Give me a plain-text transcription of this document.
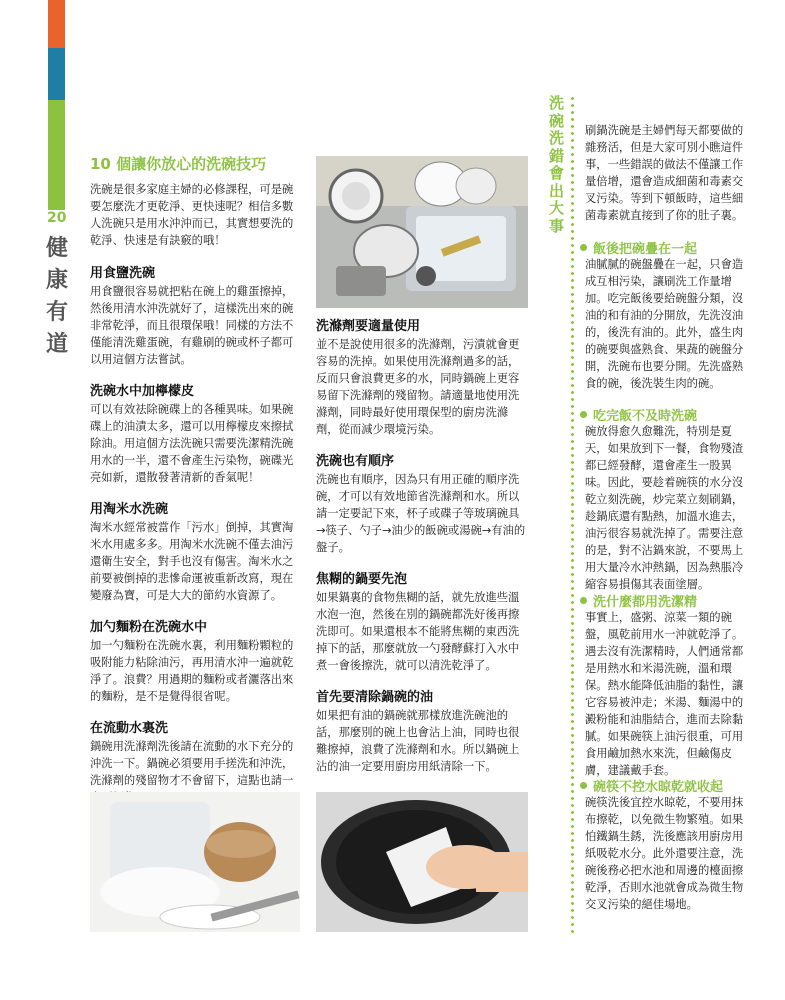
20
健康有道
10 個讓你放心的洗碗技巧

洗碗是很多家庭主婦的必修課程，可是碗要怎麼洗才更乾淨、更快速呢？相信多數人洗碗只是用水沖沖而已，其實想要洗的乾淨、快速是有訣竅的哦！

用食鹽洗碗

用食鹽很容易就把粘在碗上的雞蛋擦掉，然後用清水沖洗就好了，這樣洗出來的碗非常乾淨，而且很環保哦！同樣的方法不僅能清洗雞蛋碗，有雞刷的碗或杯子都可以用這個方法嘗試。

洗碗水中加檸檬皮

可以有效祛除碗碟上的各種異味。如果碗碟上的油漬太多，還可以用檸檬皮來擦拭除油。用這個方法洗碗只需要洗潔精洗碗用水的一半，還不會產生污染物，碗碟光亮如新，還散發著清新的香氣呢！

用淘米水洗碗

淘米水經常被當作「污水」倒掉，其實淘米水用處多多。用淘米水洗碗不僅去油污還衛生安全，對手也沒有傷害。淘米水之前要被倒掉的悲慘命運被重新改寫，現在變廢為寶，可是大大的節約水資源了。

加勺麵粉在洗碗水中

加一勺麵粉在洗碗水裏，利用麵粉顆粒的吸附能力粘除油污，再用清水沖一遍就乾淨了。浪費？用過期的麵粉或者灑落出來的麵粉，是不是覺得很省呢。

在流動水裏洗

鍋碗用洗滌劑洗後請在流動的水下充分的沖洗一下。鍋碗必須要用手搓洗和沖洗，洗滌劑的殘留物才不會留下，這點也請一

洗滌劑要適量使用

並不是說使用很多的洗滌劑，污漬就會更容易的洗掉。如果使用洗滌劑過多的話，反而只會浪費更多的水，同時鍋碗上更容易留下洗滌劑的殘留物。請適量地使用洗滌劑，同時最好使用環保型的廚房洗滌劑，從而減少環境污染。

洗碗也有順序

洗碗也有順序，因為只有用正確的順序洗碗，才可以有效地節省洗滌劑和水。所以請一定要記下來，杯子或碟子等玻璃碗具→筷子、勺子→油少的飯碗或湯碗→有油的盤子。

焦糊的鍋要先泡

如果鍋裏的食物焦糊的話，就先放進些溫水泡一泡，然後在別的鍋碗都洗好後再擦洗即可。如果還根本不能將焦糊的東西洗掉下的話，那麼就放一勺發酵蘇打入水中煮一會後擦洗，就可以清洗乾淨了。

首先要清除鍋碗的油

如果把有油的鍋碗就那樣放進洗碗池的話，那麼別的碗上也會沾上油，同時也很難擦掉，浪費了洗滌劑和水。所以鍋碗上沾的油一定要用廚房用紙清除一下。

洗碗洗錯會出大事

刷鍋洗碗是主婦們每天都要做的雜務活，但是大家可別小瞧這件事，一些錯誤的做法不僅讓工作量倍增，還會造成細菌和毒素交叉污染。等到下頓飯時，這些細菌毒素就直接到了你的肚子裏。

飯後把碗疊在一起

油膩膩的碗盤疊在一起，只會造成互相污染，讓刷洗工作量增加。吃完飯後要給碗盤分類，沒油的和有油的分開放，先洗沒油的，後洗有油的。此外，盛生肉的碗要與盛熟食、果蔬的碗盤分開，洗碗布也要分開。先洗盛熟食的碗，後洗裝生肉的碗。

吃完飯不及時洗碗

碗放得愈久愈難洗，特別是夏天，如果放到下一餐，食物殘渣都已經發酵，還會產生一股異味。因此，要趁着碗筷的水分沒乾立刻洗碗，炒完菜立刻刷鍋，趁鍋底還有點熱，加溫水進去，油污很容易就洗掉了。需要注意的是，對不沾鍋來說，不要馬上用大量冷水沖熱鍋，因為熱脹冷縮容易損傷其表面塗層。

洗什麼都用洗潔精

事實上，盛粥、涼菜一類的碗盤，風乾前用水一沖就乾淨了。遇去沒有洗潔精時，人們通常都是用熱水和米湯洗碗，溫和環保。熱水能降低油脂的黏性，讓它容易被沖走；米湯、麵湯中的澱粉能和油脂結合，進而去除黏膩。如果碗筷上油污很重，可用食用鹼加熱水來洗，但鹼傷皮膚，建議戴手套。

碗筷不控水晾乾就收起

碗筷洗後宜控水晾乾，不要用抹布擦乾，以免微生物繁殖。如果怕鐵鍋生銹，洗後應該用廚房用紙吸乾水分。此外還要注意，洗碗後務必把水池和周邊的檯面擦乾淨，否則水池就會成為微生物交叉污染的絕佳場地。
